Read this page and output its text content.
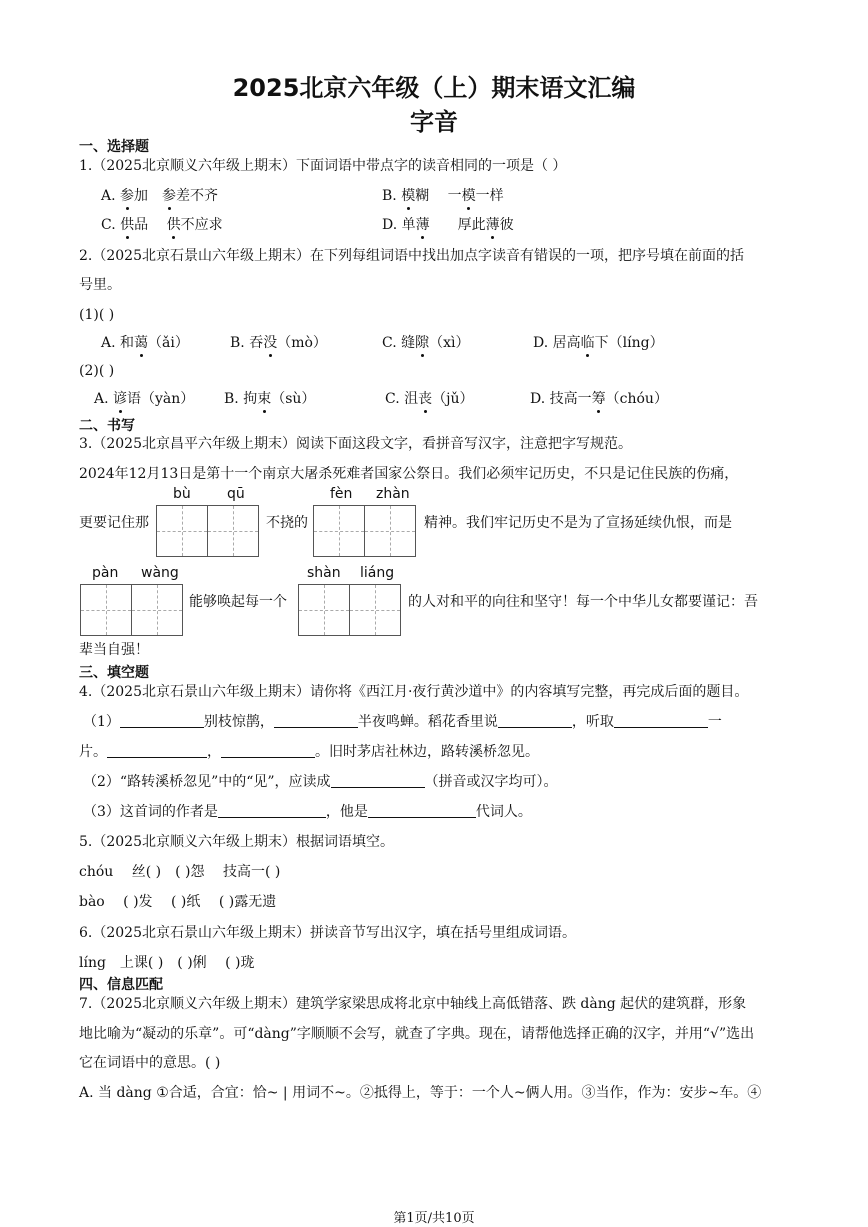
2025北京六年级（上）期末语文汇编
字音
一、选择题
1.（2025北京顺义六年级上期末）下面词语中带点字的读音相同的一项是（ ）
A. 参加　参差不齐	B. 模糊　 一模一样
C. 供品　 供不应求	D. 单薄　　厚此薄彼
2.（2025北京石景山六年级上期末）在下列每组词语中找出加点字读音有错误的一项，把序号填在前面的括
号里。
(1)( )
A. 和蔼（ǎi）	B. 吞没（mò）	C. 缝隙（xì）	D. 居高临下（líng）
(2)( )
A. 谚语（yàn） B. 拘束（sù）	C. 沮丧（jǔ）	D. 技高一筹（chóu）
二、书写
3.（2025北京昌平六年级上期末）阅读下面这段文字，看拼音写汉字，注意把字写规范。
2024年12月13日是第十一个南京大屠杀死难者国家公祭日。我们必须牢记历史，不只是记住民族的伤痛，
bù	qū	fèn zhàn
更要记住那	不挠的	精神。我们牢记历史不是为了宣扬延续仇恨，而是
pàn wàng	shàn liáng
能够唤起每一个	的人对和平的向往和坚守！每一个中华儿女都要谨记：吾
辈当自强！
三、填空题
4.（2025北京石景山六年级上期末）请你将《西江月·夜行黄沙道中》的内容填写完整，再完成后面的题目。
（1）	别枝惊鹊，	半夜鸣蝉。稻花香里说	，听取	一
片。	，	。旧时茅店社林边，路转溪桥忽见。
（2）“路转溪桥忽见”中的“见”，应读成	（拼音或汉字均可）。
（3）这首词的作者是	，他是	代词人。
5.（2025北京顺义六年级上期末）根据词语填空。
chóu　 丝( )　( )怨　 技高一( )
bào　 ( )发　 ( )纸　 ( )露无遗
6.（2025北京石景山六年级上期末）拼读音节写出汉字，填在括号里组成词语。
líng　上课( )　( )俐　 ( )珑
四、信息匹配
7.（2025北京顺义六年级上期末）建筑学家梁思成将北京中轴线上高低错落、跌 dàng 起伏的建筑群，形象
地比喻为“凝动的乐章”。可“dàng”字顺顺不会写，就查了字典。现在，请帮他选择正确的汉字，并用“√”选出
它在词语中的意思。( )
A. 当 dàng ①合适，合宜：恰~ | 用词不~。②抵得上，等于：一个人~俩人用。③当作，作为：安步~车。④
第1页/共10页
